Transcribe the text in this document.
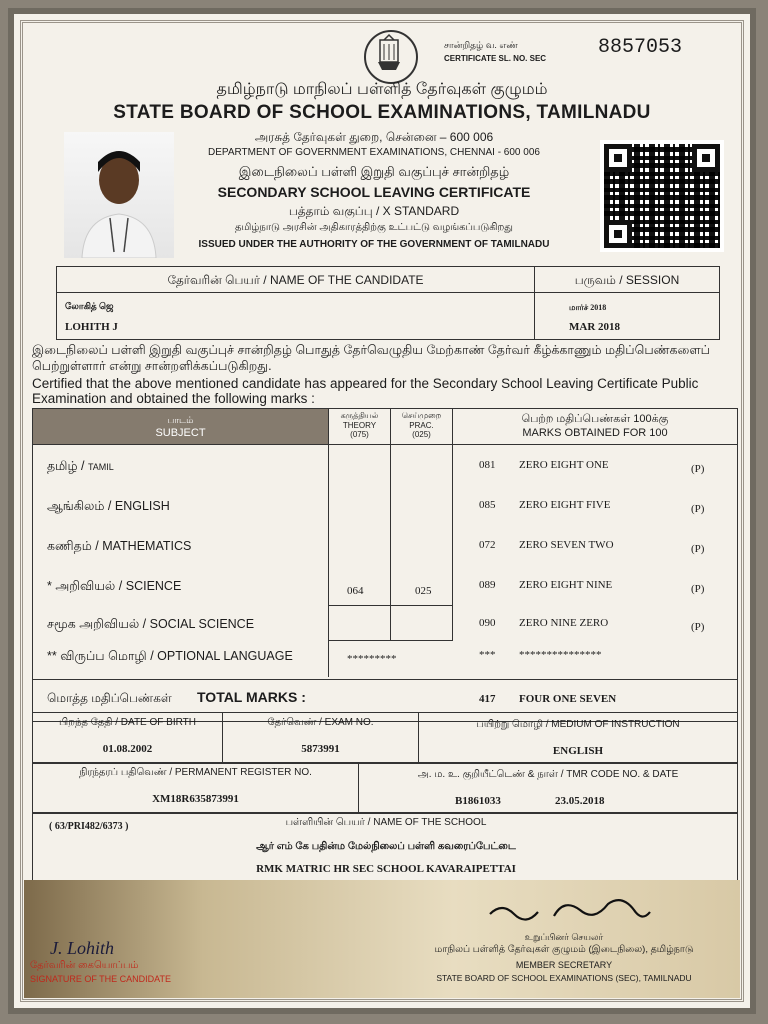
சான்றிதழ் வ. எண்
CERTIFICATE SL. NO. SEC	8857053
தமிழ்நாடு மாநிலப் பள்ளித் தேர்வுகள் குழுமம்
STATE BOARD OF SCHOOL EXAMINATIONS, TAMILNADU
அரசுத் தேர்வுகள் துறை, சென்னை – 600 006
DEPARTMENT OF GOVERNMENT EXAMINATIONS, CHENNAI - 600 006
இடைநிலைப் பள்ளி இறுதி வகுப்புச் சான்றிதழ்
SECONDARY SCHOOL LEAVING CERTIFICATE
பத்தாம் வகுப்பு / X STANDARD
தமிழ்நாடு அரசின் அதிகாரத்திற்கு உட்பட்டு வழங்கப்படுகிறது
ISSUED UNDER THE AUTHORITY OF THE GOVERNMENT OF TAMILNADU
தேர்வரின் பெயர் / NAME OF THE CANDIDATE	பருவம் / SESSION
லோகித் ஜெ
LOHITH J
மார்ச் 2018
MAR 2018
இடைநிலைப் பள்ளி இறுதி வகுப்புச் சான்றிதழ் பொதுத் தேர்வெழுதிய மேற்காண் தேர்வர் கீழ்க்காணும் மதிப்பெண்களைப் பெற்றுள்ளார் என்று சான்றளிக்கப்படுகிறது.
Certified that the above mentioned candidate has appeared for the Secondary School Leaving Certificate Public Examination and obtained the following marks :
பாடம்
SUBJECT
கருத்தியல்
THEORY
(075)
செய்முறை
PRAC.
(025)
பெற்ற மதிப்பெண்கள் 100க்கு
MARKS OBTAINED FOR 100
தமிழ் / TAMIL	081 ZERO EIGHT ONE	(P)
ஆங்கிலம் / ENGLISH	085 ZERO EIGHT FIVE	(P)
கணிதம் / MATHEMATICS	072 ZERO SEVEN TWO	(P)
* அறிவியல் / SCIENCE	064	025	089 ZERO EIGHT NINE	(P)
சமூக அறிவியல் / SOCIAL SCIENCE	090 ZERO NINE ZERO	(P)
** விருப்ப மொழி / OPTIONAL LANGUAGE	*********	*** ***************
மொத்த மதிப்பெண்கள் TOTAL MARKS :	417 FOUR ONE SEVEN
பிறந்த தேதி / DATE OF BIRTH
01.08.2002
தேர்வெண் / EXAM NO.
5873991
பயிற்று மொழி / MEDIUM OF INSTRUCTION
ENGLISH
நிரந்தரப் பதிவெண் / PERMANENT REGISTER NO.
XM18R635873991
அ. ம. உ. குறியீட்டெண் & நாள் / TMR CODE NO. & DATE
B1861033	23.05.2018
( 63/PRI482/6373 )	பள்ளியின் பெயர் / NAME OF THE SCHOOL
ஆர் எம் கே பதின்ம மேல்நிலைப் பள்ளி கவரைப்பேட்டை
RMK MATRIC HR SEC SCHOOL KAVARAIPETTAI
J. Lohith
தேர்வரின் கையொப்பம்
SIGNATURE OF THE CANDIDATE
உறுப்பினர் செயலர்
மாநிலப் பள்ளித் தேர்வுகள் குழுமம் (இடைநிலை), தமிழ்நாடு
MEMBER SECRETARY
STATE BOARD OF SCHOOL EXAMINATIONS (SEC), TAMILNADU
